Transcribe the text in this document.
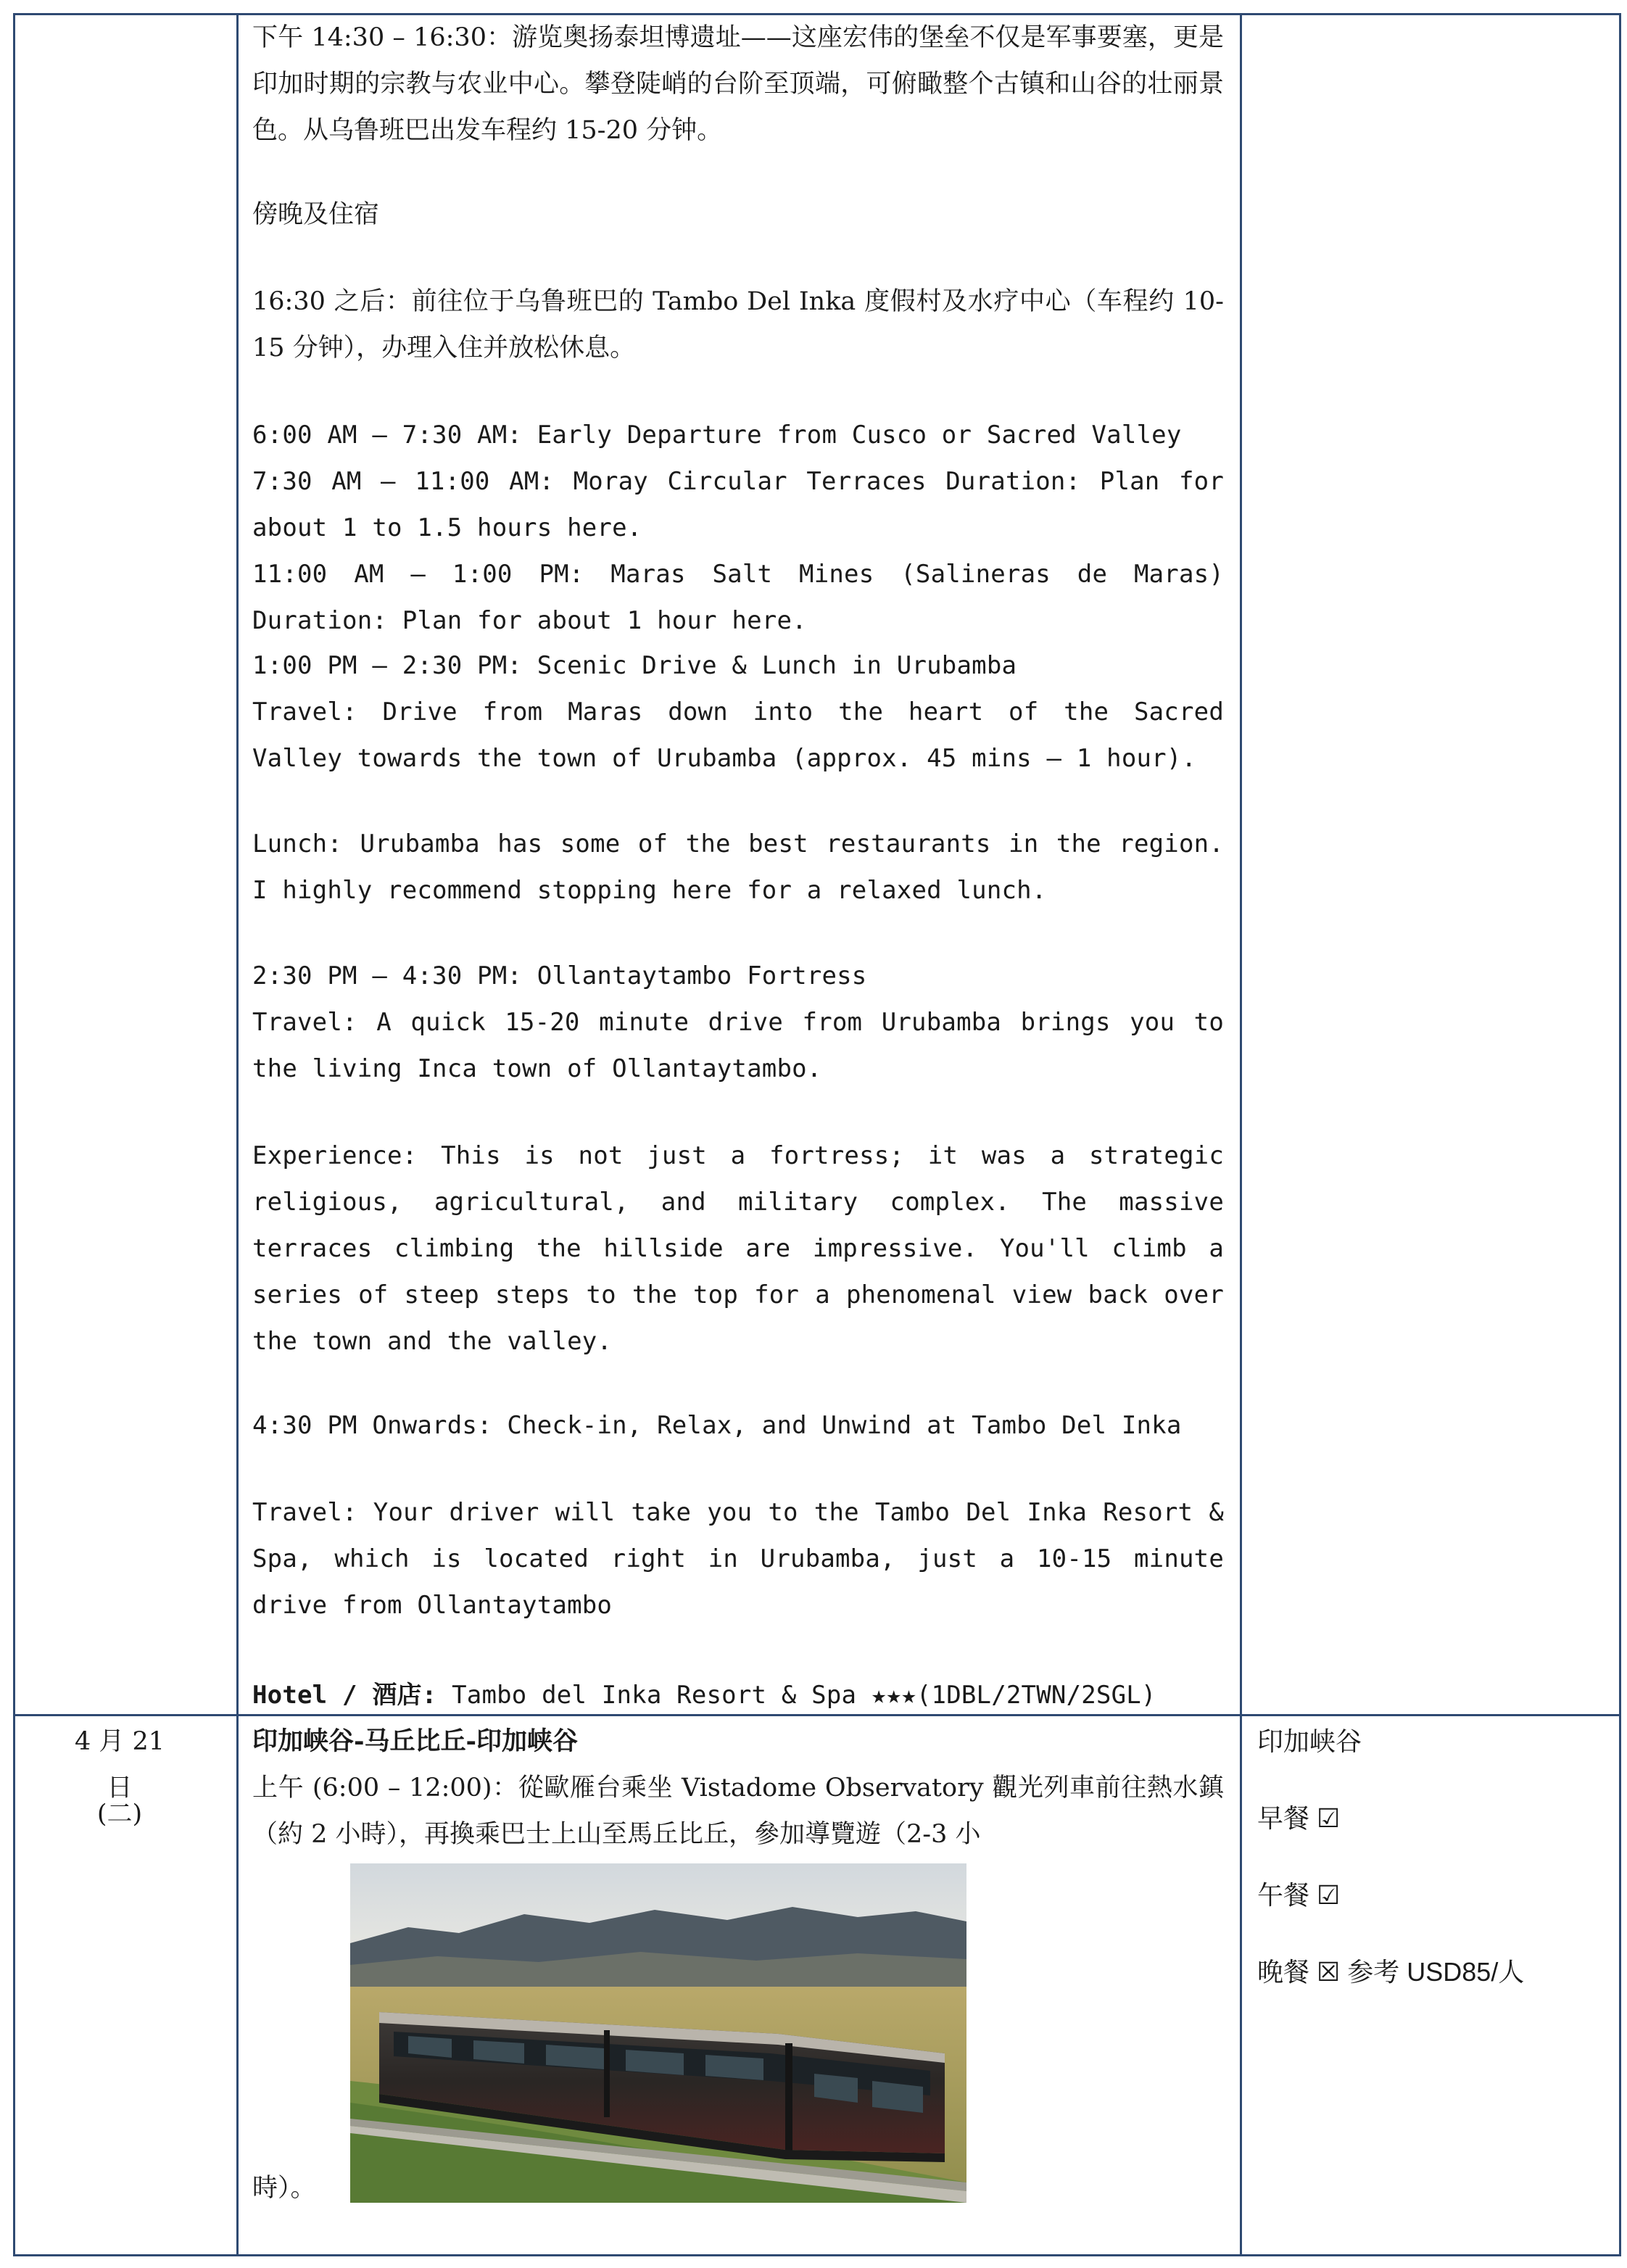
下午 14:30 – 16:30：游览奥扬泰坦博遗址——这座宏伟的堡垒不仅是军事要塞，更是印加时期的宗教与农业中心。攀登陡峭的台阶至顶端，可俯瞰整个古镇和山谷的壮丽景色。从乌鲁班巴出发车程约 15-20 分钟。

傍晚及住宿

16:30 之后：前往位于乌鲁班巴的 Tambo Del Inka 度假村及水疗中心（车程约 10-15 分钟），办理入住并放松休息。

6:00 AM – 7:30 AM: Early Departure from Cusco or Sacred Valley

7:30 AM – 11:00 AM: Moray Circular Terraces Duration: Plan for about 1 to 1.5 hours here.

11:00 AM – 1:00 PM: Maras Salt Mines (Salineras de Maras) Duration: Plan for about 1 hour here.

1:00 PM – 2:30 PM: Scenic Drive & Lunch in Urubamba

Travel: Drive from Maras down into the heart of the Sacred Valley towards the town of Urubamba (approx. 45 mins – 1 hour).

Lunch: Urubamba has some of the best restaurants in the region. I highly recommend stopping here for a relaxed lunch.

2:30 PM – 4:30 PM: Ollantaytambo Fortress

Travel: A quick 15-20 minute drive from Urubamba brings you to the living Inca town of Ollantaytambo.

Experience: This is not just a fortress; it was a strategic religious, agricultural, and military complex. The massive terraces climbing the hillside are impressive. You'll climb a series of steep steps to the top for a phenomenal view back over the town and the valley.

4:30 PM Onwards: Check-in, Relax, and Unwind at Tambo Del Inka

Travel: Your driver will take you to the Tambo Del Inka Resort & Spa, which is located right in Urubamba, just a 10-15 minute drive from Ollantaytambo

Hotel / 酒店: Tambo del Inka Resort & Spa ★★★(1DBL/2TWN/2SGL)

4 月 21 日
(二)

印加峡谷-马丘比丘-印加峡谷

上午 (6:00 – 12:00)：從歐雁台乘坐 Vistadome Observatory 觀光列車前往熱水鎮（約 2 小時），再換乘巴士上山至馬丘比丘，參加導覽遊（2-3 小

時）。

印加峡谷
早餐 ☑
午餐 ☑
晚餐 ☒ 参考 USD85/人
